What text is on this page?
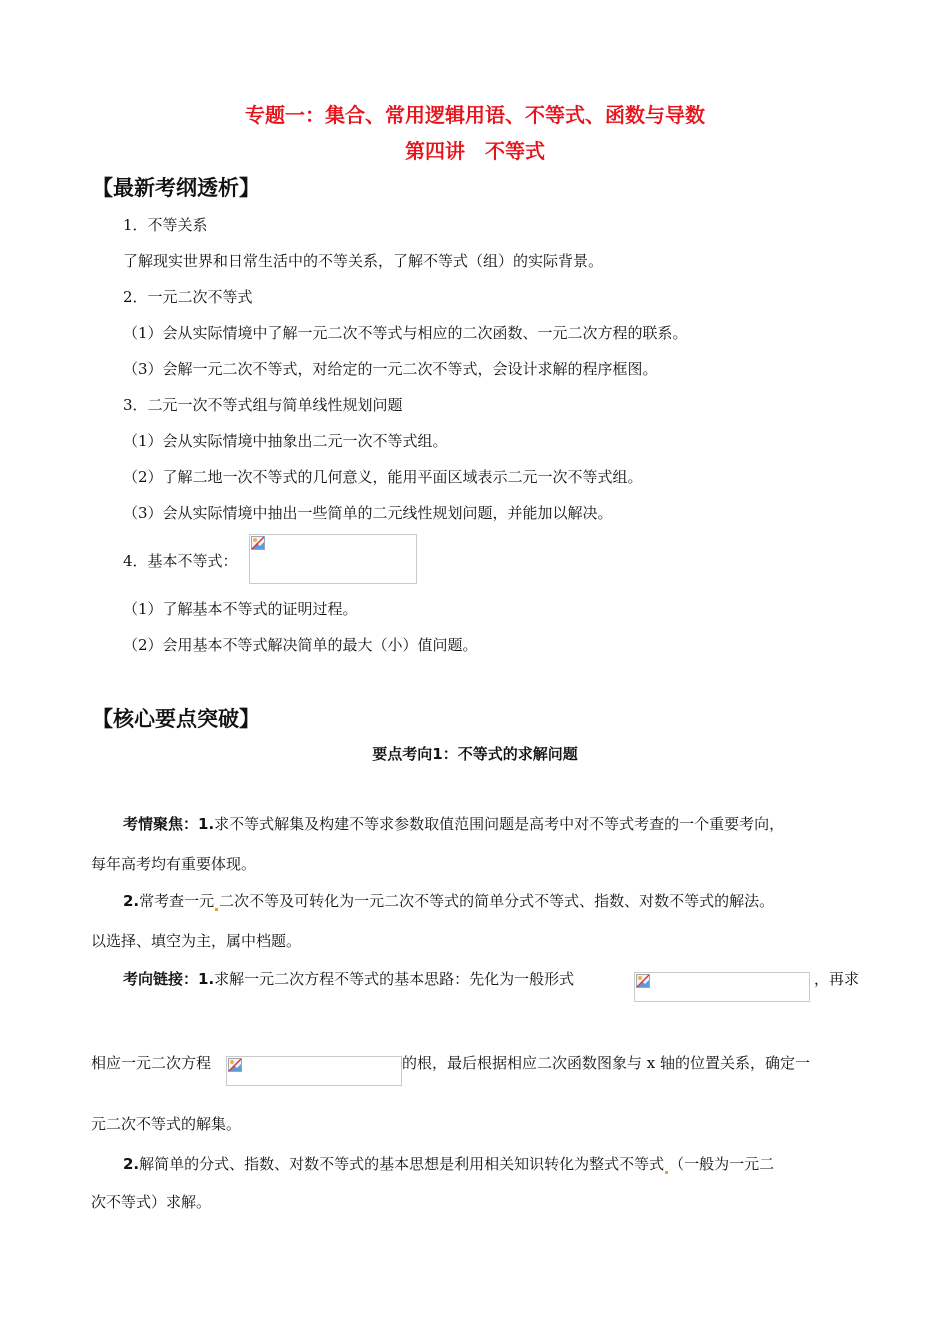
专题一：集合、常用逻辑用语、不等式、函数与导数
第四讲　不等式
【最新考纲透析】
1．不等关系
了解现实世界和日常生活中的不等关系，了解不等式（组）的实际背景。
2．一元二次不等式
（1）会从实际情境中了解一元二次不等式与相应的二次函数、一元二次方程的联系。
（3）会解一元二次不等式，对给定的一元二次不等式，会设计求解的程序框图。
3．二元一次不等式组与简单线性规划问题
（1）会从实际情境中抽象出二元一次不等式组。
（2）了解二地一次不等式的几何意义，能用平面区域表示二元一次不等式组。
（3）会从实际情境中抽出一些简单的二元线性规划问题，并能加以解决。
4．基本不等式：
（1）了解基本不等式的证明过程。
（2）会用基本不等式解决简单的最大（小）值问题。
【核心要点突破】
要点考向1：不等式的求解问题
考情聚焦：1.求不等式解集及构建不等求参数取值范围问题是高考中对不等式考查的一个重要考向，
每年高考均有重要体现。
2.常考查一元 二次不等及可转化为一元二次不等式的简单分式不等式、指数、对数不等式的解法。
以选择、填空为主，属中档题。
考向链接：1.求解一元二次方程不等式的基本思路：先化为一般形式	，再求
相应一元二次方程	的根，最后根据相应二次函数图象与 x 轴的位置关系，确定一
元二次不等式的解集。
2.解简单的分式、指数、对数不等式的基本思想是利用相关知识转化为整式不等式 （一般为一元二
次不等式）求解。
